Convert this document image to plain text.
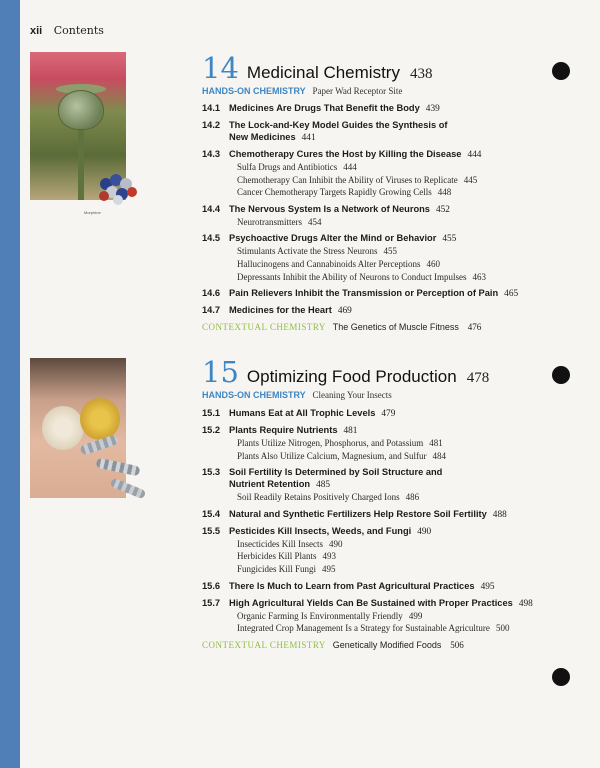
xii Contents
Morphine
14 Medicinal Chemistry 438
HANDS-ON CHEMISTRY Paper Wad Receptor Site
14.1 Medicines Are Drugs That Benefit the Body 439
14.2 The Lock-and-Key Model Guides the Synthesis of New Medicines 441
14.3 Chemotherapy Cures the Host by Killing the Disease 444
Sulfa Drugs and Antibiotics 444
Chemotherapy Can Inhibit the Ability of Viruses to Replicate 445
Cancer Chemotherapy Targets Rapidly Growing Cells 448
14.4 The Nervous System Is a Network of Neurons 452
Neurotransmitters 454
14.5 Psychoactive Drugs Alter the Mind or Behavior 455
Stimulants Activate the Stress Neurons 455
Hallucinogens and Cannabinoids Alter Perceptions 460
Depressants Inhibit the Ability of Neurons to Conduct Impulses 463
14.6 Pain Relievers Inhibit the Transmission or Perception of Pain 465
14.7 Medicines for the Heart 469
CONTEXTUAL CHEMISTRY The Genetics of Muscle Fitness 476
15 Optimizing Food Production 478
HANDS-ON CHEMISTRY Cleaning Your Insects
15.1 Humans Eat at All Trophic Levels 479
15.2 Plants Require Nutrients 481
Plants Utilize Nitrogen, Phosphorus, and Potassium 481
Plants Also Utilize Calcium, Magnesium, and Sulfur 484
15.3 Soil Fertility Is Determined by Soil Structure and Nutrient Retention 485
Soil Readily Retains Positively Charged Ions 486
15.4 Natural and Synthetic Fertilizers Help Restore Soil Fertility 488
15.5 Pesticides Kill Insects, Weeds, and Fungi 490
Insecticides Kill Insects 490
Herbicides Kill Plants 493
Fungicides Kill Fungi 495
15.6 There Is Much to Learn from Past Agricultural Practices 495
15.7 High Agricultural Yields Can Be Sustained with Proper Practices 498
Organic Farming Is Environmentally Friendly 499
Integrated Crop Management Is a Strategy for Sustainable Agriculture 500
CONTEXTUAL CHEMISTRY Genetically Modified Foods 506
